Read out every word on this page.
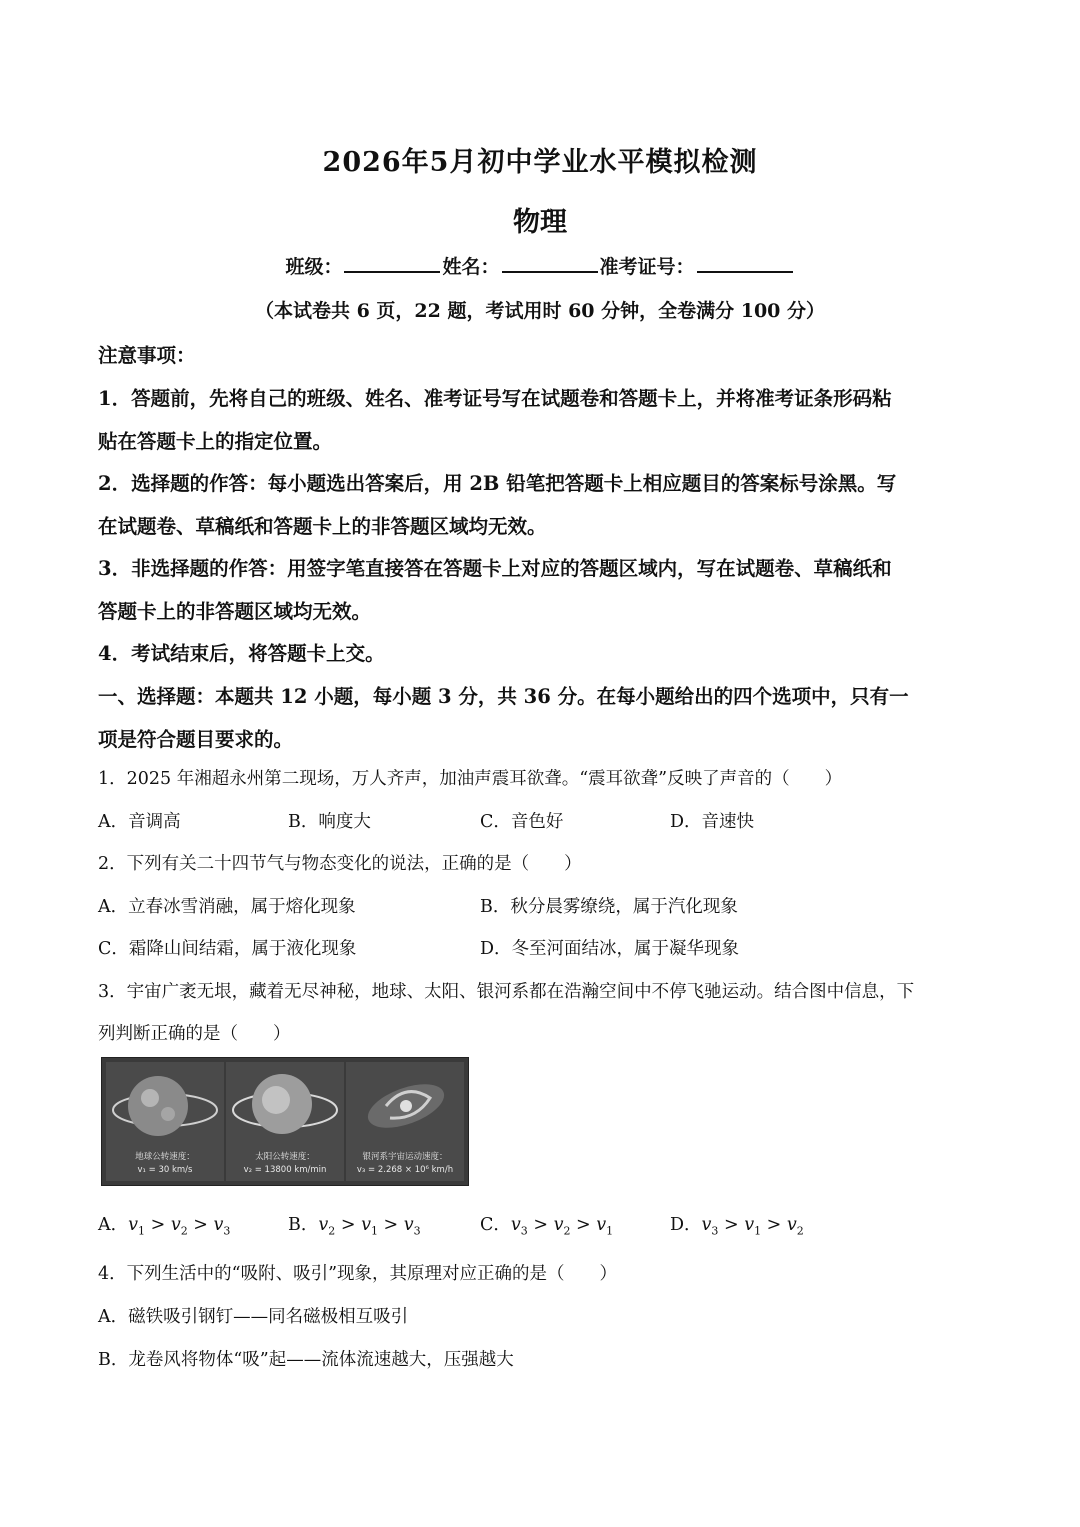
2026年5月初中学业水平模拟检测
物理
班级：	姓名：	准考证号：
（本试卷共 6 页，22 题，考试用时 60 分钟，全卷满分 100 分）
注意事项：
1．答题前，先将自己的班级、姓名、准考证号写在试题卷和答题卡上，并将准考证条形码粘
贴在答题卡上的指定位置。
2．选择题的作答：每小题选出答案后，用 2B 铅笔把答题卡上相应题目的答案标号涂黑。写
在试题卷、草稿纸和答题卡上的非答题区域均无效。
3．非选择题的作答：用签字笔直接答在答题卡上对应的答题区域内，写在试题卷、草稿纸和
答题卡上的非答题区域均无效。
4．考试结束后，将答题卡上交。
一、选择题：本题共 12 小题，每小题 3 分，共 36 分。在每小题给出的四个选项中，只有一
项是符合题目要求的。
1．2025 年湘超永州第二现场，万人齐声，加油声震耳欲聋。“震耳欲聋”反映了声音的（　　）
A．音调高	B．响度大	C．音色好	D．音速快
2．下列有关二十四节气与物态变化的说法，正确的是（　　）
A．立春冰雪消融，属于熔化现象	B．秋分晨雾缭绕，属于汽化现象
C．霜降山间结霜，属于液化现象	D．冬至河面结冰，属于凝华现象
3．宇宙广袤无垠，藏着无尽神秘，地球、太阳、银河系都在浩瀚空间中不停飞驰运动。结合图中信息，下
列判断正确的是（　　）
地球公转速度：
v₁ = 30 km/s
太阳公转速度：
v₂ = 13800 km/min
银河系宇宙运动速度：
v₃ = 2.268 × 10⁶ km/h
A．$v_1 > v_2 > v_3$	B．$v_2 > v_1 > v_3$	C．$v_3 > v_2 > v_1$	D．$v_3 > v_1 > v_2$
4．下列生活中的“吸附、吸引”现象，其原理对应正确的是（　　）
A．磁铁吸引钢钉——同名磁极相互吸引
B．龙卷风将物体“吸”起——流体流速越大，压强越大
